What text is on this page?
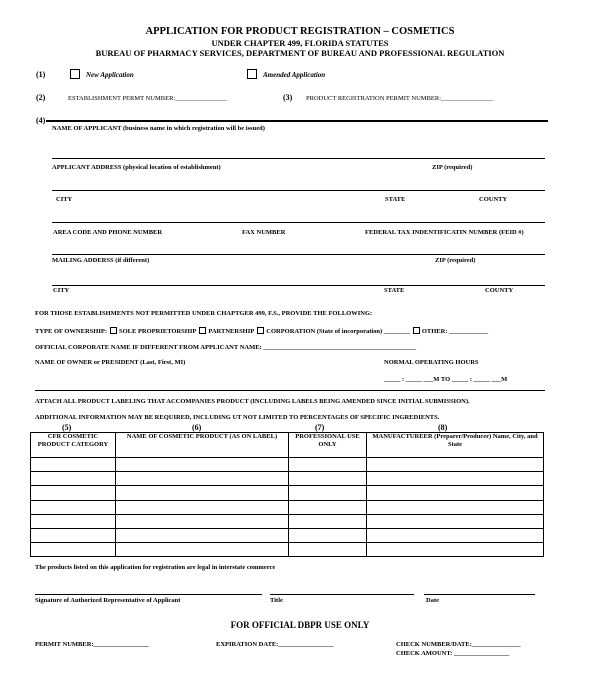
APPLICATION FOR PRODUCT REGISTRATION – COSMETICS
UNDER CHAPTER 499, FLORIDA STATUTES
BUREAU OF PHARMACY SERVICES, DEPARTMENT OF BUREAU AND PROFESSIONAL REGULATION
(1)	New Application	Amended Application
(2)	ESTABLISHMENT PERMT NUMBER:________________	(3) PRODUCT REGISTRATION PERMIT NUMBER:________________
(4)
NAME OF APPLICANT (business name in which registration will be issued)
APPLICANT ADDRESS (physical location of establishment)	ZIP (required)
CITY	STATE	COUNTY
AREA CODE AND PHONE NUMBER	FAX NUMBER	FEDERAL TAX INDENTIFICATIN NUMBER (FEID #)
MAILING ADDERSS (if different)	ZIP (required)
CITY	STATE	COUNTY
FOR THOSE ESTABLISHMENTS NOT PERMITTED UNDER CHAPTGER 499, F.S., PROVIDE THE FOLLOWING:
TYPE OF OWNERSHIP: SOLE PROPRIETORSHIP PARTNERSHIP CORPORATION (State of incorporation) ________ OTHER: ____________
OFFICIAL CORPORATE NAME IF DIFFERENT FROM APPLICANT NAME: _______________________________________________
NAME OF OWNER or PRESIDENT (Last, First, MI)	NORMAL OPERATING HOURS
_____ : _____ ___M TO _____ : _____ ___M
ATTACH ALL PRODUCT LABELING THAT ACCOMPANIES PRODUCT (INCLUDING LABELS BEING AMENDED SINCE INITIAL SUBMISSION).
ADDITIONAL INFORMATION MAY BE REQUIRED, INCLUDING UT NOT LIMITED TO PERCENTAGES OF SPECIFIC INGREDIENTS.
(5)	(6)	(7)	(8)
CFR COSMETIC PRODUCT CATEGORY	NAME OF COSMETIC PRODUCT (AS ON LABEL)	PROFESSIONAL USE ONLY	MANUFACTUREER (Preparer/Producer) Name, City, and State

The products listed on this application for registration are legal in interstate commerce
Signature of Authorized Representative of Applicant	Title	Date
FOR OFFICIAL DBPR USE ONLY
PERMIT NUMBER:_________________	EXPIRATION DATE:_________________	CHECK NUMBER/DATE:_______________
CHECK AMOUNT: _________________
